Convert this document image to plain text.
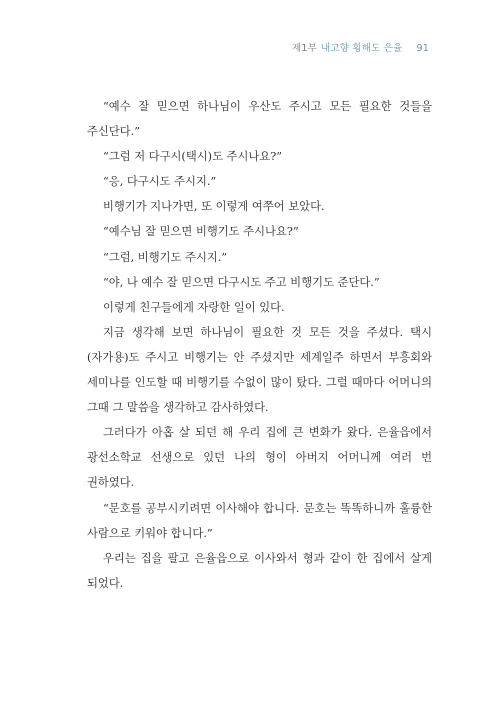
제1부 내고향 횡해도 은율 91

“예수 잘 믿으면 하나님이 우산도 주시고 모든 필요한 것들을 주신단다.”

“그럼 저 다구시(택시)도 주시나요?”

“응, 다구시도 주시지.”

비행기가 지나가면, 또 이렇게 여쭈어 보았다.

“예수님 잘 믿으면 비행기도 주시나요?”

“그럼, 비행기도 주시지.”

“야, 나 예수 잘 믿으면 다구시도 주고 비행기도 준단다.”

이렇게 친구들에게 자랑한 일이 있다.

지금 생각해 보면 하나님이 필요한 것 모든 것을 주셨다. 택시(자가용)도 주시고 비행기는 안 주셨지만 세계일주 하면서 부흥회와 세미나를 인도할 때 비행기를 수없이 많이 탔다. 그럴 때마다 어머니의 그때 그 말씀을 생각하고 감사하였다.

그러다가 아홉 살 되던 해 우리 집에 큰 변화가 왔다. 은율읍에서 광선소학교 선생으로 있던 나의 형이 아버지 어머니께 여러 번 권하였다.

“문호를 공부시키려면 이사해야 합니다. 문호는 똑똑하니까 훌륭한 사람으로 키워야 합니다.”

우리는 집을 팔고 은율읍으로 이사와서 형과 같이 한 집에서 살게 되었다.
